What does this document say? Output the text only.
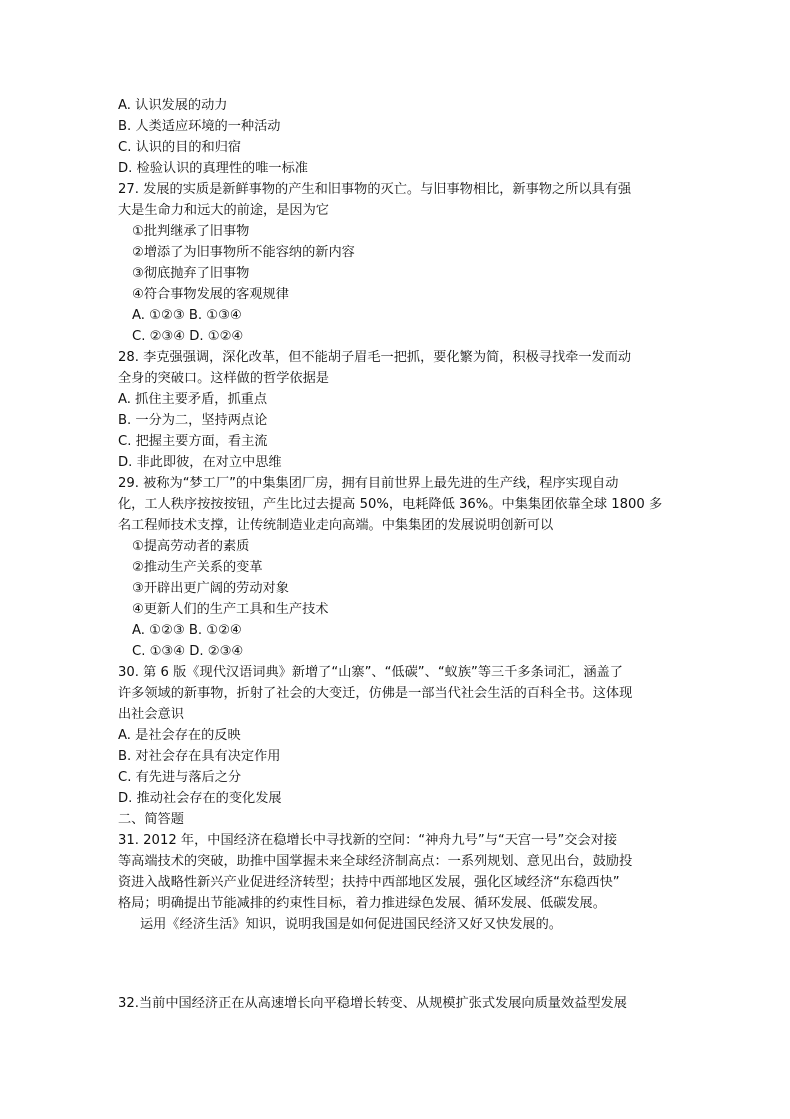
A. 认识发展的动力
B. 人类适应环境的一种活动
C. 认识的目的和归宿
D. 检验认识的真理性的唯一标准
27. 发展的实质是新鲜事物的产生和旧事物的灭亡。与旧事物相比，新事物之所以具有强
大是生命力和远大的前途，是因为它
①批判继承了旧事物
②增添了为旧事物所不能容纳的新内容
③彻底抛弃了旧事物
④符合事物发展的客观规律
A. ①②③ B. ①③④
C. ②③④ D. ①②④
28. 李克强强调，深化改革，但不能胡子眉毛一把抓，要化繁为简，积极寻找牵一发而动
全身的突破口。这样做的哲学依据是
A. 抓住主要矛盾，抓重点
B. 一分为二，坚持两点论
C. 把握主要方面，看主流
D. 非此即彼，在对立中思维
29. 被称为“梦工厂”的中集集团厂房，拥有目前世界上最先进的生产线，程序实现自动
化，工人秩序按按按钮，产生比过去提高 50%，电耗降低 36%。中集集团依靠全球 1800 多
名工程师技术支撑，让传统制造业走向高端。中集集团的发展说明创新可以
①提高劳动者的素质
②推动生产关系的变革
③开辟出更广阔的劳动对象
④更新人们的生产工具和生产技术
A. ①②③ B. ①②④
C. ①③④ D. ②③④
30. 第 6 版《现代汉语词典》新增了“山寨”、“低碳”、“蚁族”等三千多条词汇，涵盖了
许多领域的新事物，折射了社会的大变迁，仿佛是一部当代社会生活的百科全书。这体现
出社会意识
A. 是社会存在的反映
B. 对社会存在具有决定作用
C. 有先进与落后之分
D. 推动社会存在的变化发展
二、简答题
31. 2012 年，中国经济在稳增长中寻找新的空间：“神舟九号”与“天宫一号”交会对接
等高端技术的突破，助推中国掌握未来全球经济制高点：一系列规划、意见出台，鼓励投
资进入战略性新兴产业促进经济转型；扶持中西部地区发展，强化区域经济“东稳西快”
格局；明确提出节能减排的约束性目标，着力推进绿色发展、循环发展、低碳发展。
运用《经济生活》知识，说明我国是如何促进国民经济又好又快发展的。
32.当前中国经济正在从高速增长向平稳增长转变、从规模扩张式发展向质量效益型发展
